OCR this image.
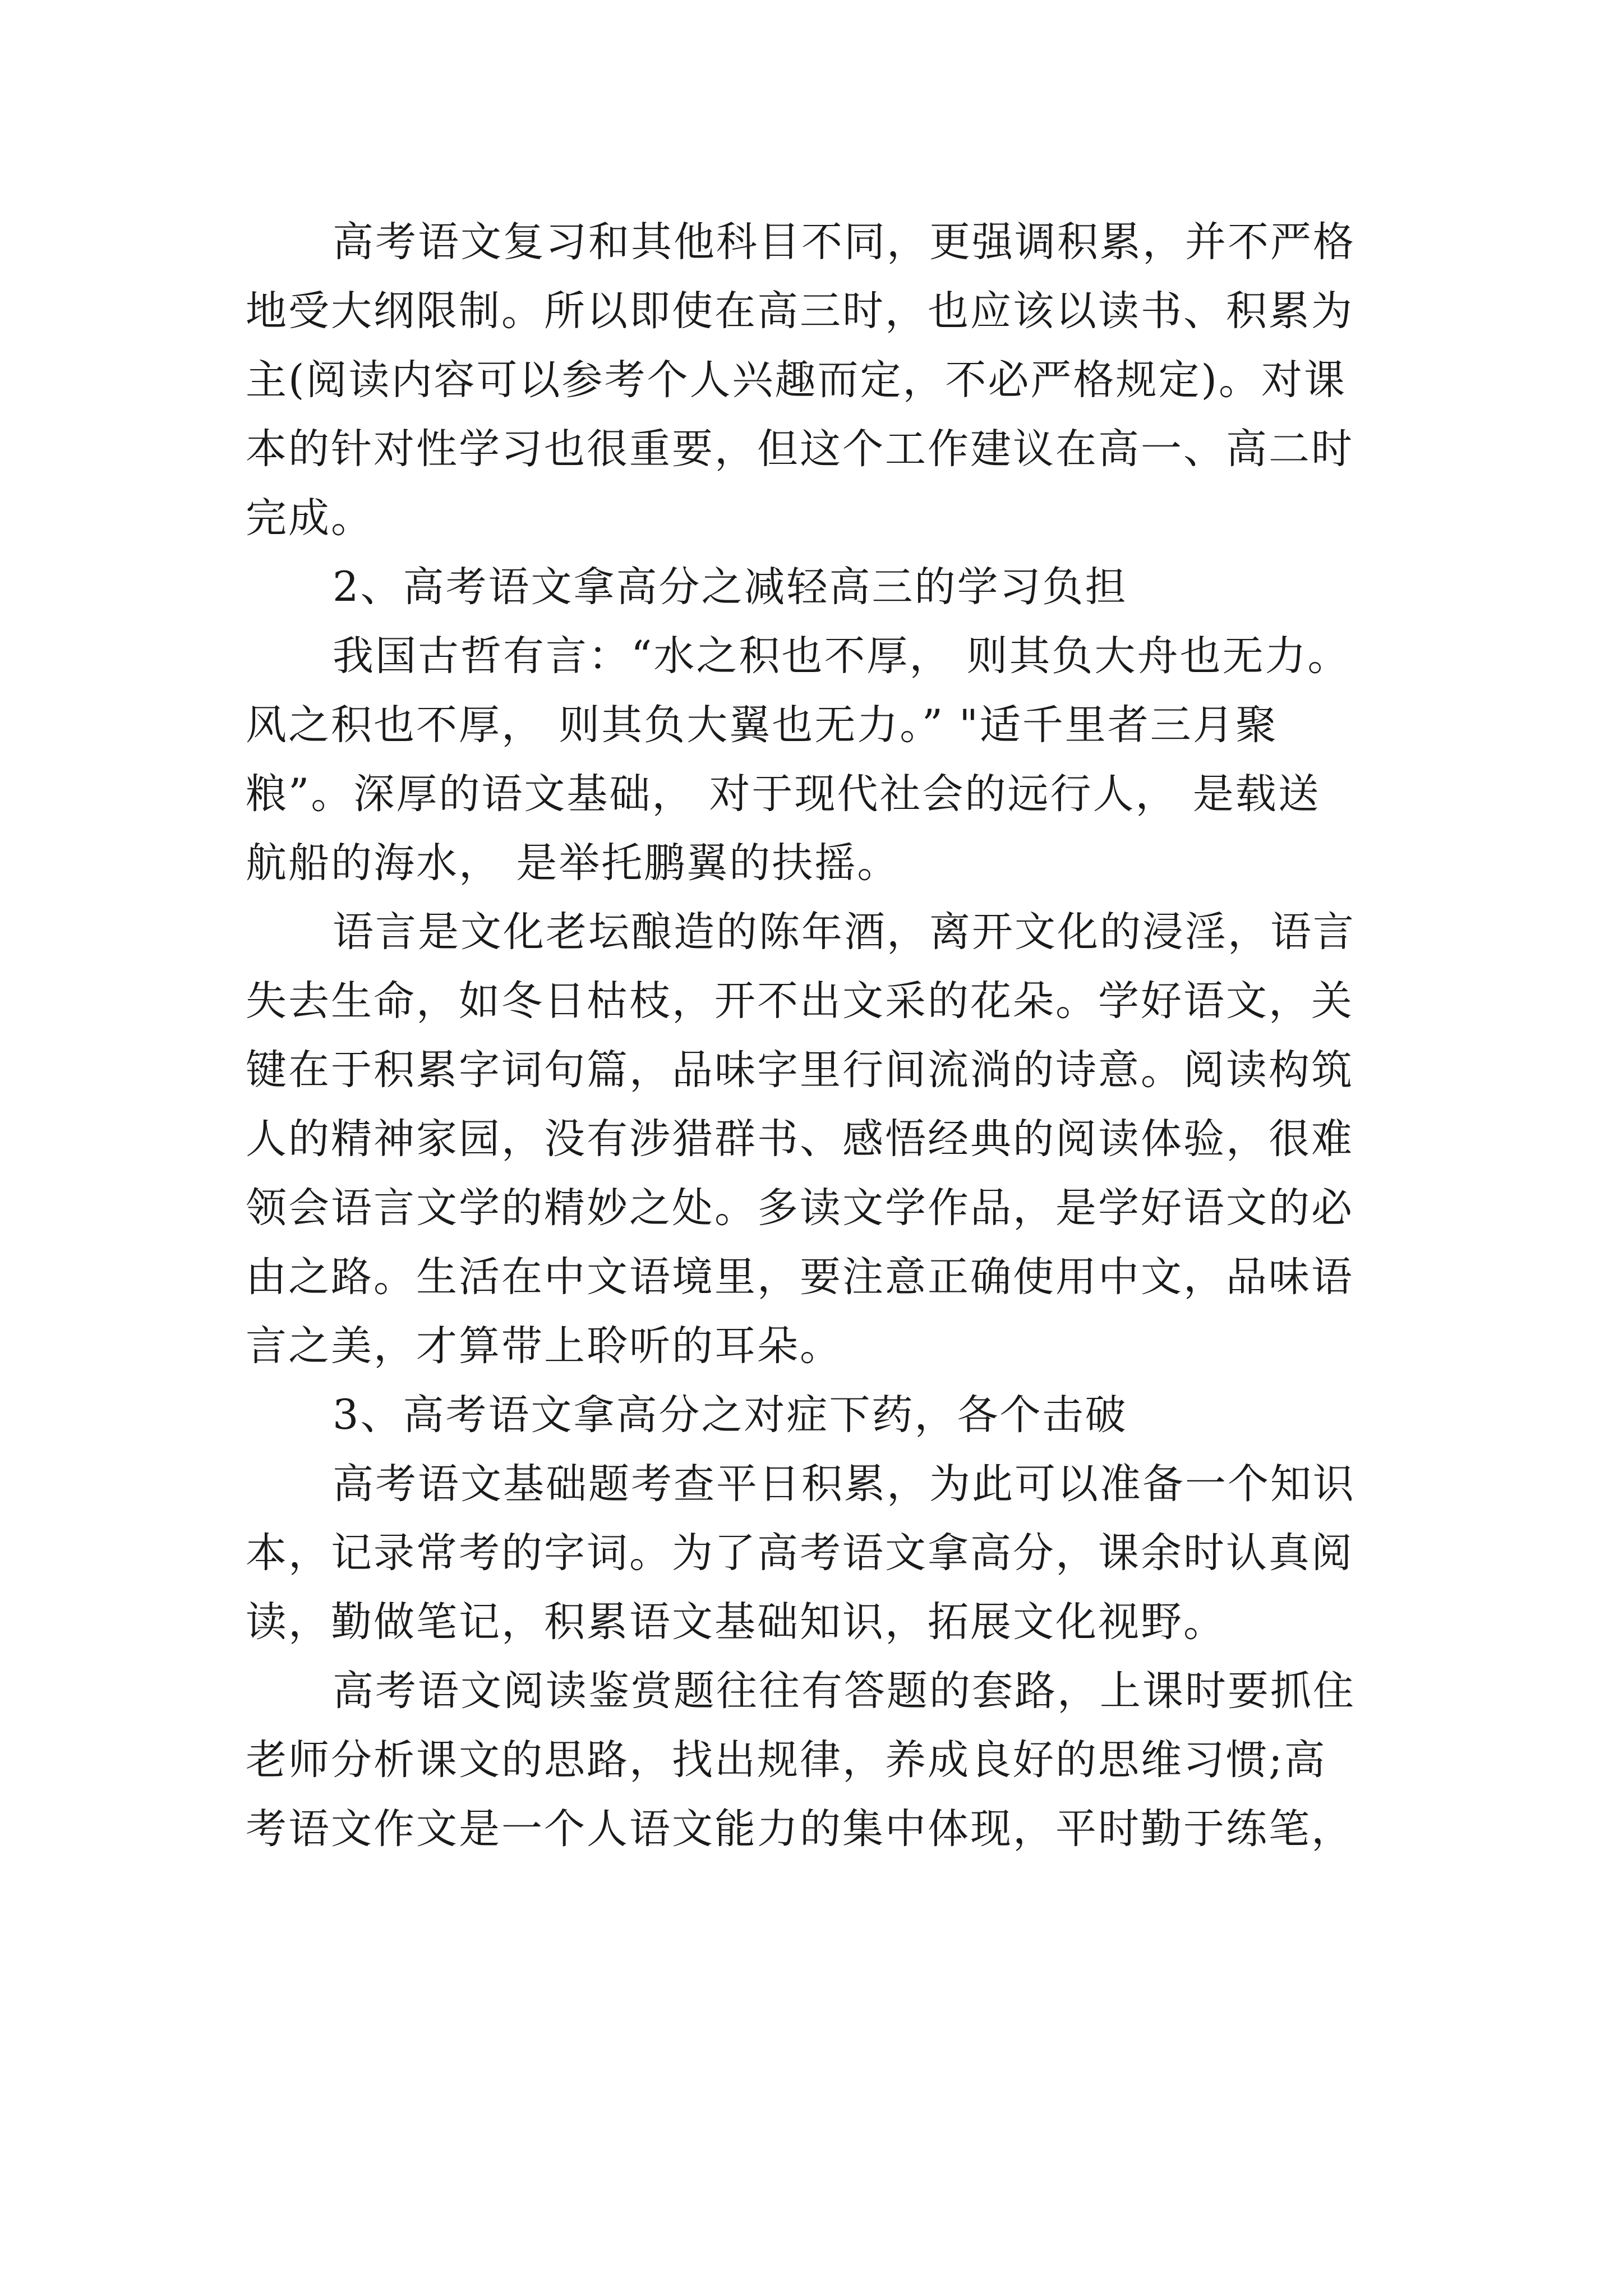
高考语文复习和其他科目不同，更强调积累，并不严格
地受大纲限制。所以即使在高三时，也应该以读书、积累为
主(阅读内容可以参考个人兴趣而定，不必严格规定)。对课
本的针对性学习也很重要，但这个工作建议在高一、高二时
完成。
2、高考语文拿高分之减轻高三的学习负担
我国古哲有言：“水之积也不厚， 则其负大舟也无力。
风之积也不厚， 则其负大翼也无力。” "适千里者三月聚
粮”。深厚的语文基础， 对于现代社会的远行人， 是载送
航船的海水， 是举托鹏翼的扶摇。
语言是文化老坛酿造的陈年酒，离开文化的浸淫，语言
失去生命，如冬日枯枝，开不出文采的花朵。学好语文，关
键在于积累字词句篇，品味字里行间流淌的诗意。阅读构筑
人的精神家园，没有涉猎群书、感悟经典的阅读体验，很难
领会语言文学的精妙之处。多读文学作品，是学好语文的必
由之路。生活在中文语境里，要注意正确使用中文，品味语
言之美，才算带上聆听的耳朵。
3、高考语文拿高分之对症下药，各个击破
高考语文基础题考查平日积累，为此可以准备一个知识
本，记录常考的字词。为了高考语文拿高分，课余时认真阅
读，勤做笔记，积累语文基础知识，拓展文化视野。
高考语文阅读鉴赏题往往有答题的套路，上课时要抓住
老师分析课文的思路，找出规律，养成良好的思维习惯;高
考语文作文是一个人语文能力的集中体现，平时勤于练笔，
